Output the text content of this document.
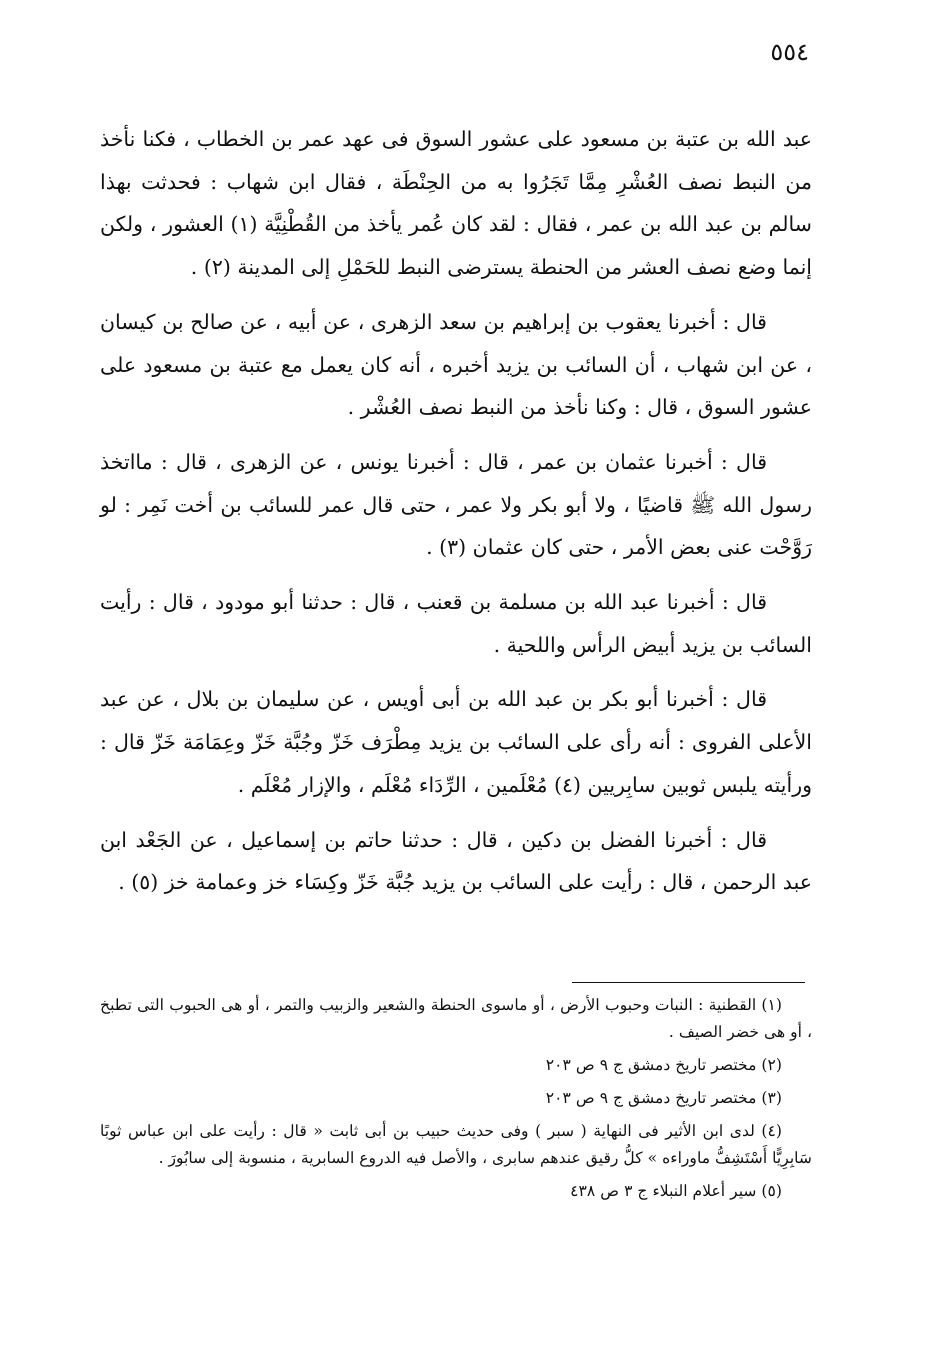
٥٥٤

عبد الله بن عتبة بن مسعود على عشور السوق فى عهد عمر بن الخطاب ، فكنا نأخذ من النبط نصف العُشْرِ مِمَّا تَجَرُوا به من الحِنْطَة ، فقال ابن شهاب : فحدثت بهذا سالم بن عبد الله بن عمر ، فقال : لقد كان عُمر يأخذ من القُطْنِيَّة (١) العشور ، ولكن إنما وضع نصف العشر من الحنطة يسترضى النبط للحَمْلِ إلى المدينة (٢) .

قال : أخبرنا يعقوب بن إبراهيم بن سعد الزهرى ، عن أبيه ، عن صالح بن كيسان ، عن ابن شهاب ، أن السائب بن يزيد أخبره ، أنه كان يعمل مع عتبة بن مسعود على عشور السوق ، قال : وكنا نأخذ من النبط نصف العُشْر .

قال : أخبرنا عثمان بن عمر ، قال : أخبرنا يونس ، عن الزهرى ، قال : مااتخذ رسول الله ﷺ قاضيًا ، ولا أبو بكر ولا عمر ، حتى قال عمر للسائب بن أخت نَمِر : لو رَوَّحْت عنى بعض الأمر ، حتى كان عثمان (٣) .

قال : أخبرنا عبد الله بن مسلمة بن قعنب ، قال : حدثنا أبو مودود ، قال : رأيت السائب بن يزيد أبيض الرأس واللحية .

قال : أخبرنا أبو بكر بن عبد الله بن أبى أويس ، عن سليمان بن بلال ، عن عبد الأعلى الفروى : أنه رأى على السائب بن يزيد مِطْرَف خَزّ وجُبَّة خَزّ وعِمَامَة خَزّ قال : ورأيته يلبس ثوبين سابِريين (٤) مُعْلَمين ، الرِّدَاء مُعْلَم ، والإزار مُعْلَم .

قال : أخبرنا الفضل بن دكين ، قال : حدثنا حاتم بن إسماعيل ، عن الجَعْد ابن عبد الرحمن ، قال : رأيت على السائب بن يزيد جُبَّة خَزّ وكِسَاء خز وعمامة خز (٥) .

(١) القطنية : النبات وحبوب الأرض ، أو ماسوى الحنطة والشعير والزبيب والتمر ، أو هى الحبوب التى تطبخ ، أو هى خضر الصيف .

(٢) مختصر تاريخ دمشق ج ٩ ص ٢٠٣

(٣) مختصر تاريخ دمشق ج ٩ ص ٢٠٣

(٤) لدى ابن الأثير فى النهاية ( سبر ) وفى حديث حبيب بن أبى ثابت « قال : رأيت على ابن عباس ثوبًا سَابِرِيًّا أَسْتَشِفُّ ماوراءه » كلُّ رقيق عندهم سابرى ، والأصل فيه الدروع السابرية ، منسوبة إلى سابُورَ .

(٥) سير أعلام النبلاء ج ٣ ص ٤٣٨
